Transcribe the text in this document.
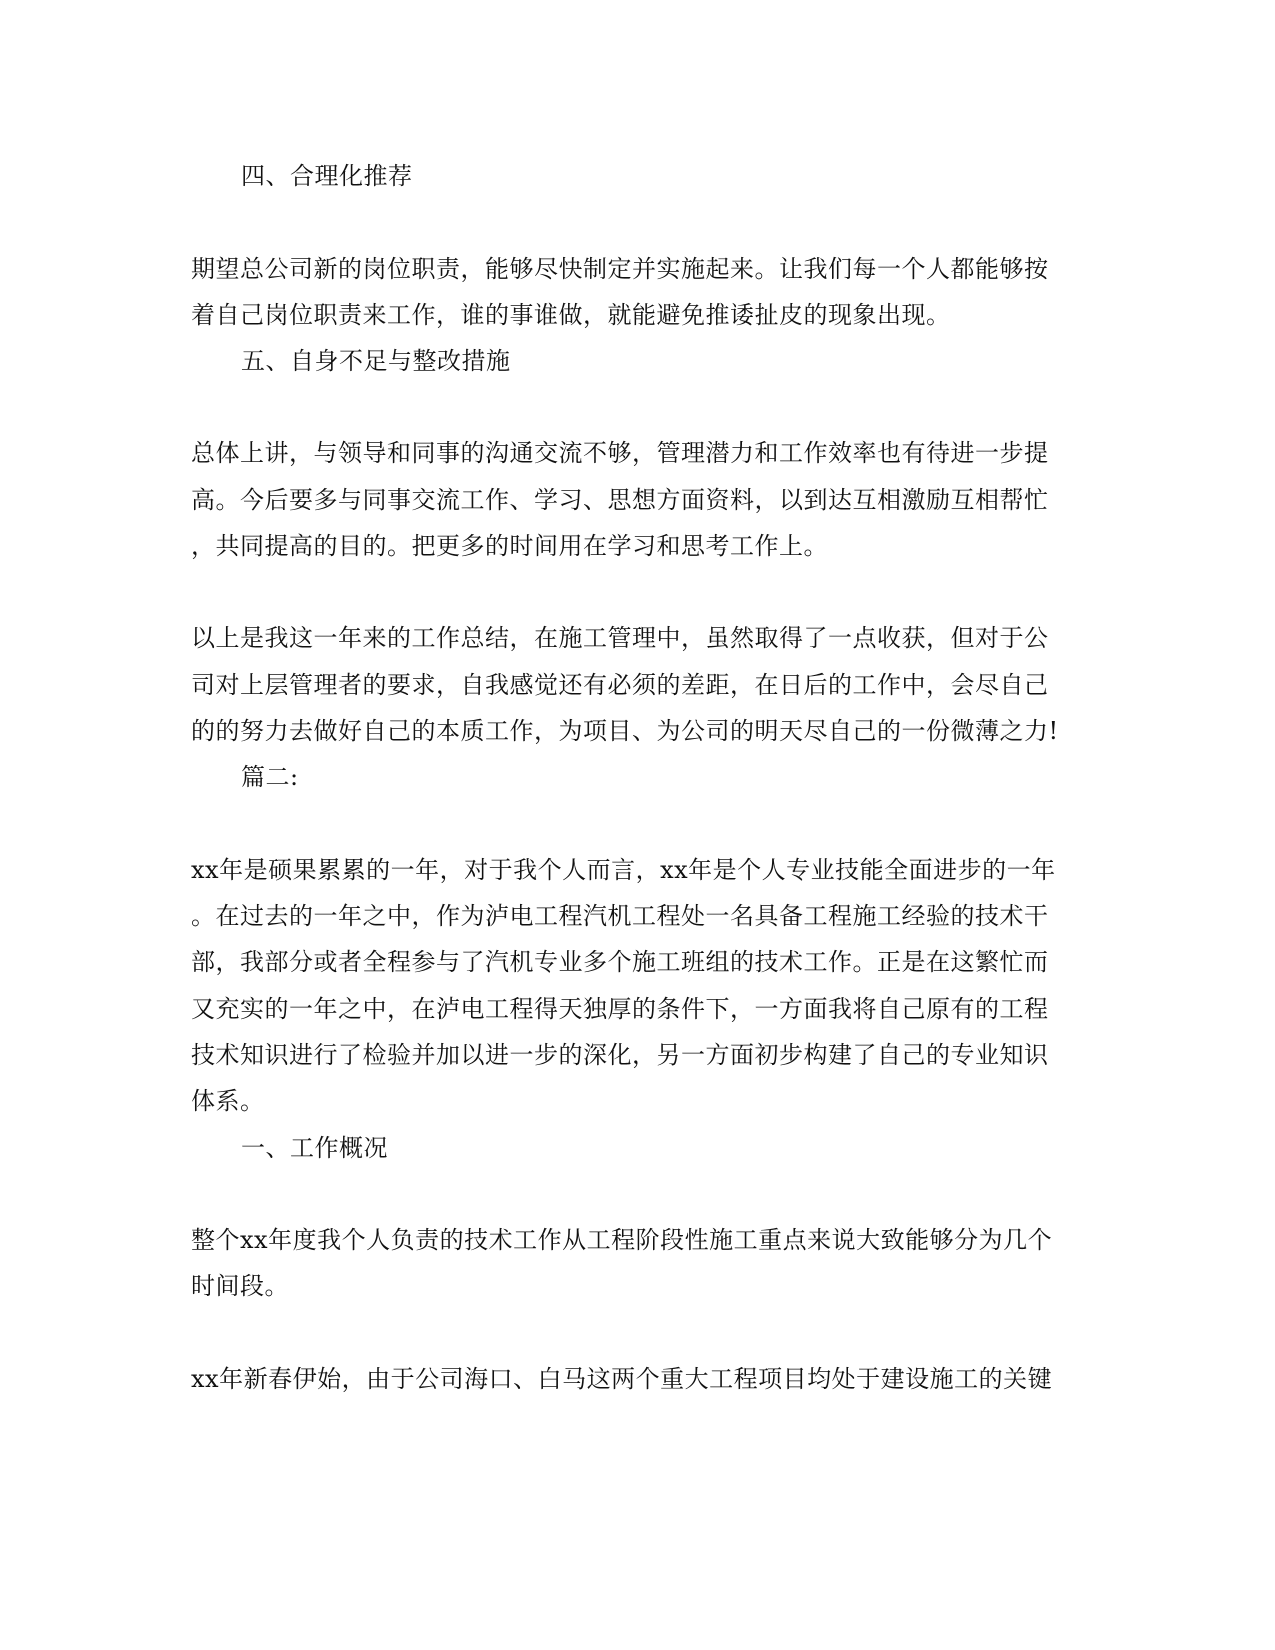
四、合理化推荐
期望总公司新的岗位职责，能够尽快制定并实施起来。让我们每一个人都能够按
着自己岗位职责来工作，谁的事谁做，就能避免推诿扯皮的现象出现。
五、自身不足与整改措施
总体上讲，与领导和同事的沟通交流不够，管理潜力和工作效率也有待进一步提
高。今后要多与同事交流工作、学习、思想方面资料，以到达互相激励互相帮忙
，共同提高的目的。把更多的时间用在学习和思考工作上。
以上是我这一年来的工作总结，在施工管理中，虽然取得了一点收获，但对于公
司对上层管理者的要求，自我感觉还有必须的差距，在日后的工作中，会尽自己
的的努力去做好自己的本质工作，为项目、为公司的明天尽自己的一份微薄之力!
篇二:
xx年是硕果累累的一年，对于我个人而言，xx年是个人专业技能全面进步的一年
。在过去的一年之中，作为泸电工程汽机工程处一名具备工程施工经验的技术干
部，我部分或者全程参与了汽机专业多个施工班组的技术工作。正是在这繁忙而
又充实的一年之中，在泸电工程得天独厚的条件下，一方面我将自己原有的工程
技术知识进行了检验并加以进一步的深化，另一方面初步构建了自己的专业知识
体系。
一、工作概况
整个xx年度我个人负责的技术工作从工程阶段性施工重点来说大致能够分为几个
时间段。
xx年新春伊始，由于公司海口、白马这两个重大工程项目均处于建设施工的关键
